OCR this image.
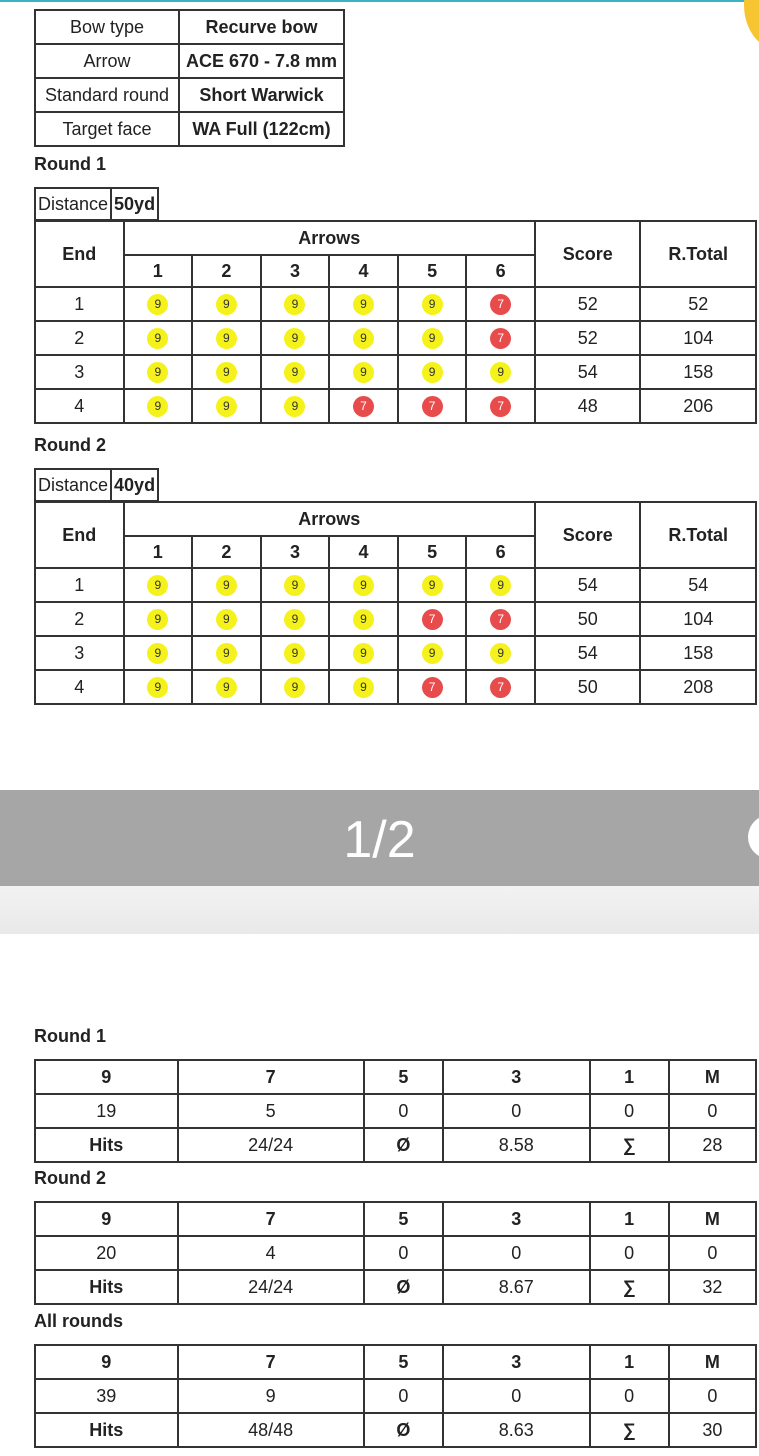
Bow type	Recurve bow
Arrow	ACE 670 - 7.8 mm
Standard round	Short Warwick
Target face	WA Full (122cm)
Round 1
Distance	50yd
End	Arrows						Score	R.Total
	1	2	3	4	5	6		
1	9	9	9	9	9	7	52	52
2	9	9	9	9	9	7	52	104
3	9	9	9	9	9	9	54	158
4	9	9	9	7	7	7	48	206
Round 2
Distance	40yd
End	Arrows						Score	R.Total
	1	2	3	4	5	6		
1	9	9	9	9	9	9	54	54
2	9	9	9	9	7	7	50	104
3	9	9	9	9	9	9	54	158
4	9	9	9	9	7	7	50	208
1/2
Round 1
9	7	5	3	1	M
19	5	0	0	0	0
Hits	24/24	Ø	8.58	∑	28
Round 2
9	7	5	3	1	M
20	4	0	0	0	0
Hits	24/24	Ø	8.67	∑	32
All rounds
9	7	5	3	1	M
39	9	0	0	0	0
Hits	48/48	Ø	8.63	∑	30
